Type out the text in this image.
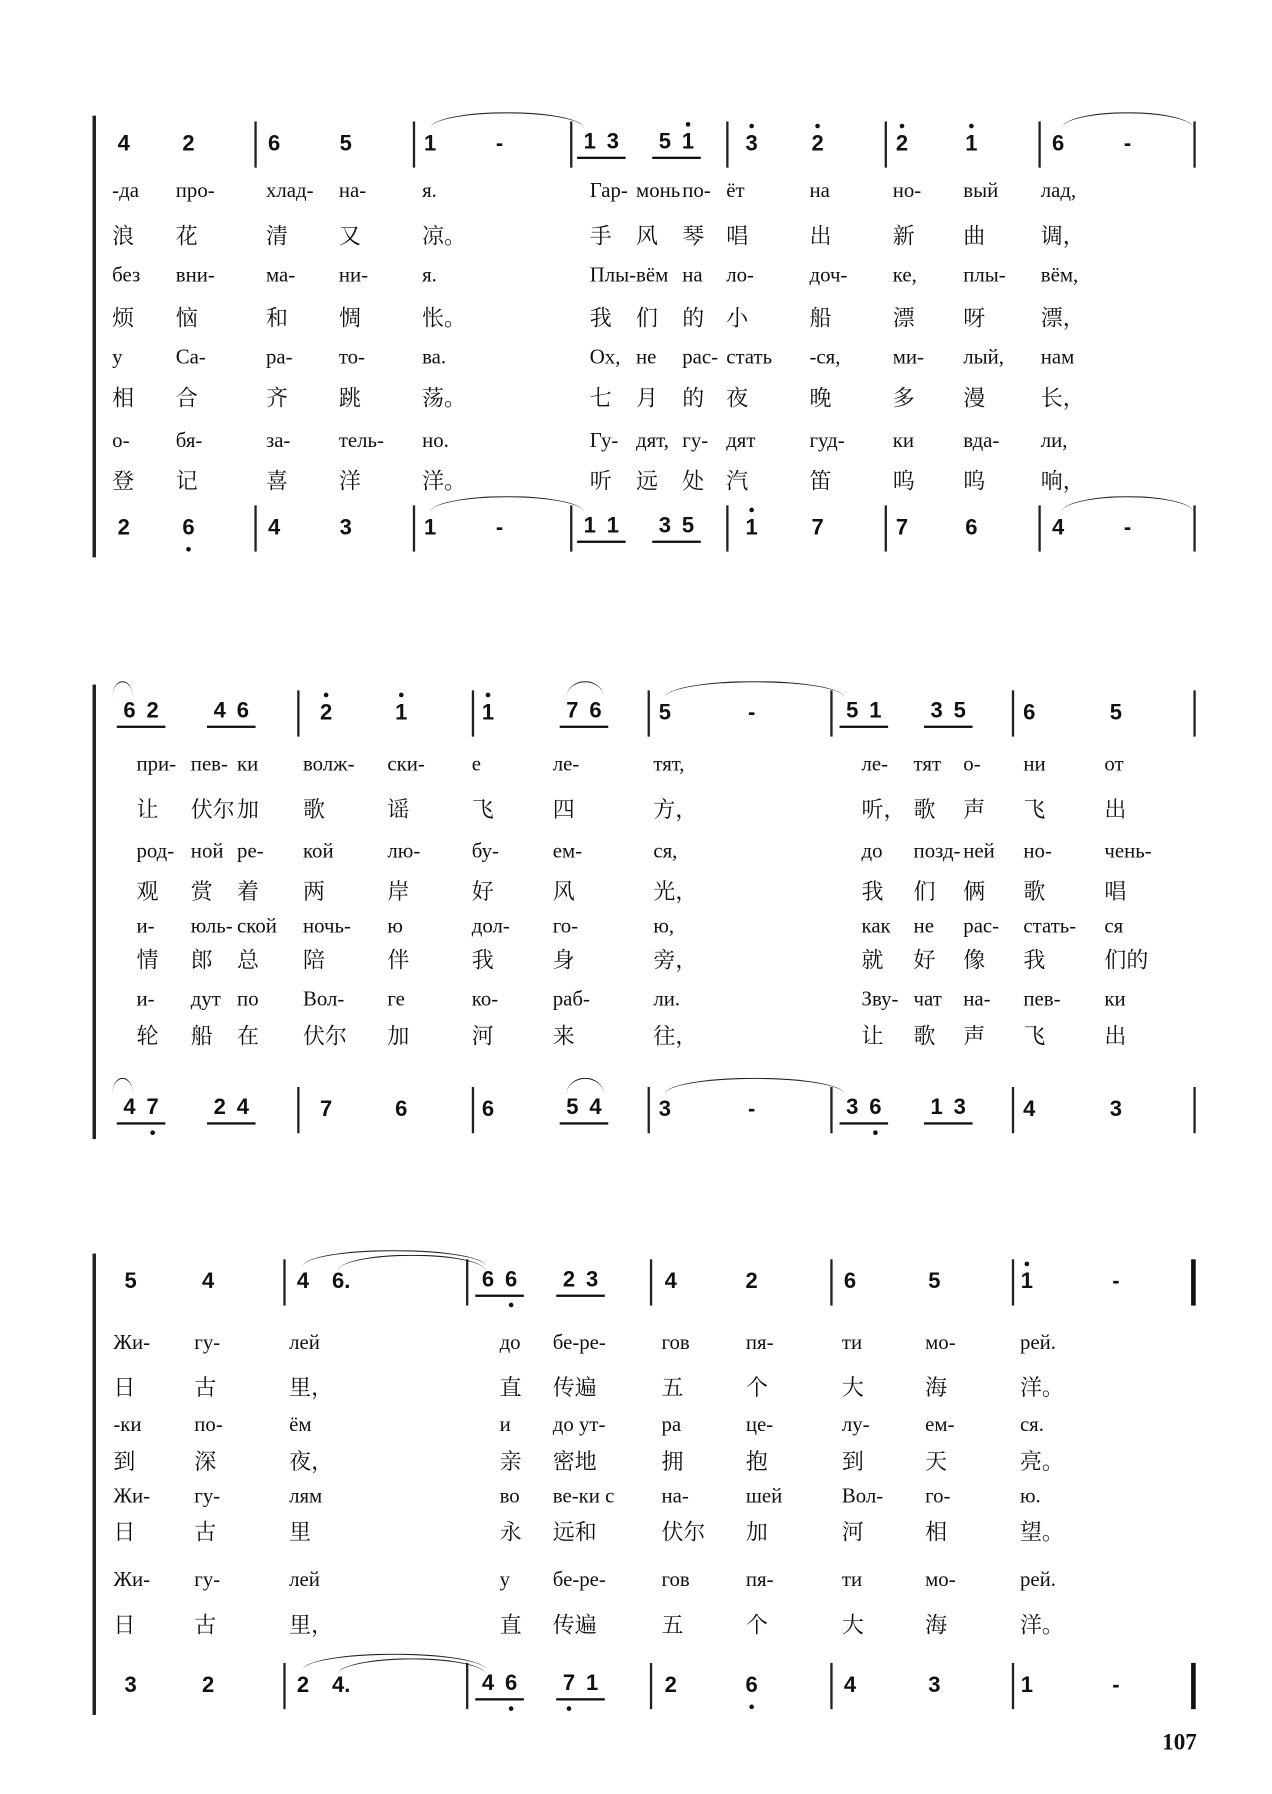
107
4	2	6	5	1	-	1 3	5 1	3	2	2	1	6	-
2	6	4	3	1	-	1 1	3 5	1	7	7	6	4	-
-да про-	хлад- на-	я.	Гар- монь по- ёт	на	но- вый лад,
浪 花	清	又	凉。	手 风 琴 唱	出	新	曲	调，
без вни-	ма- ни-	я.	Плы- вём на ло-	доч-	ке,	плы- вём,
烦 恼	和	惆	怅。	我 们 的 小	船	漂	呀	漂，
у	Са-	ра-	то-	ва.	Ох, не рас- стать -ся,	ми- лый, нам
相 合	齐	跳	荡。	七 月 的 夜	晚	多	漫	长，
о-	бя-	за-	тель- но.	Гу- дят, гу- дят	гуд-	ки	вда- ли,
登 记	喜	洋	洋。	听 远 处 汽	笛	呜	呜	响，
6 2	4 6	2	1	1	7 6	5	-	5 1	3 5	6	5
4 7	2 4	7	6	6	5 4	3	-	3 6	1 3	4	3
при- пев- ки волж- ски-	е	ле-	тят,	ле- тят о- ни	от
让 伏尔 加 歌	谣	飞	四	方，	听， 歌 声 飞	出
род- ной ре- кой	лю-	бу-	ем-	ся,	до позд- ней но-	чень-
观 赏 着 两	岸	好	风	光，	我 们 俩 歌	唱
и- юль- ской ночь- ю	дол- го-	ю,	как не рас- стать- ся
情 郎 总 陪	伴	我	身	旁，	就 好 像 我	们的
и- дут по Вол- ге	ко-	раб-	ли.	Зву- чат на- пев- ки
轮 船 在 伏尔 加	河	来	往，	让 歌 声 飞	出
5	4	4 6.	6 6	2 3	4	2	6	5	1	-
3	2	2 4.	4 6	7 1	2	6	4	3	1	-
Жи- гу-	лей	до бе-ре-	гов	пя-	ти	мо-	рей.
日	古	里，	直 传遍	五	个	大	海	洋。
-ки	по-	ём	и до ут-	ра	це-	лу-	ем-	ся.
到	深	夜，	亲 密地	拥	抱	到	天	亮。
Жи- гу-	лям	во ве-ки с	на-	шей	Вол- го-	ю.
日	古	里	永 远和	伏尔 加	河	相	望。
Жи- гу-	лей	у бе-ре-	гов	пя-	ти	мо-	рей.
日	古	里，	直 传遍	五	个	大	海	洋。
